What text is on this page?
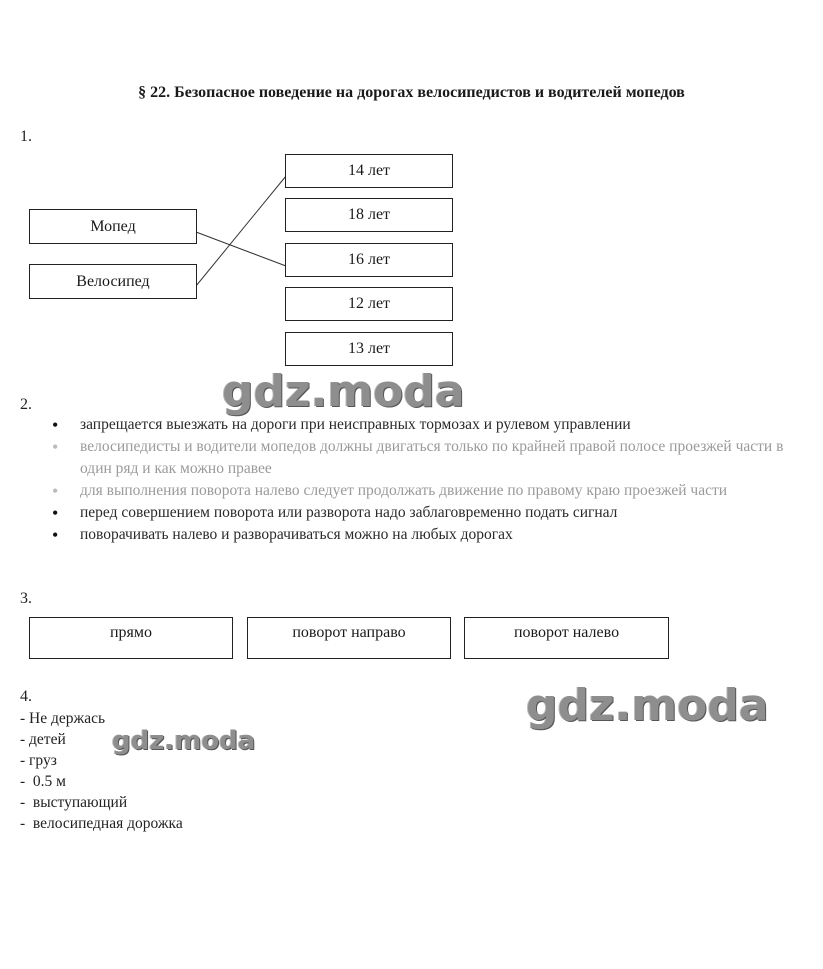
§ 22. Безопасное поведение на дорогах велосипедистов и водителей мопедов
1.
Мопед
Велосипед
14 лет
18 лет
16 лет
12 лет
13 лет
2.
• запрещается выезжать на дороги при неисправных тормозах и рулевом управлении
• велосипедисты и водители мопедов должны двигаться только по крайней правой полосе проезжей части в один ряд и как можно правее
• для выполнения поворота налево следует продолжать движение по правому краю проезжей части
• перед совершением поворота или разворота надо заблаговременно подать сигнал
• поворачивать налево и разворачиваться можно на любых дорогах
3.
прямо	поворот направо	поворот налево
4.
- Не держась
- детей
- груз
-  0.5 м
-  выступающий
-  велосипедная дорожка
gdz.moda
gdz.moda
gdz.moda
